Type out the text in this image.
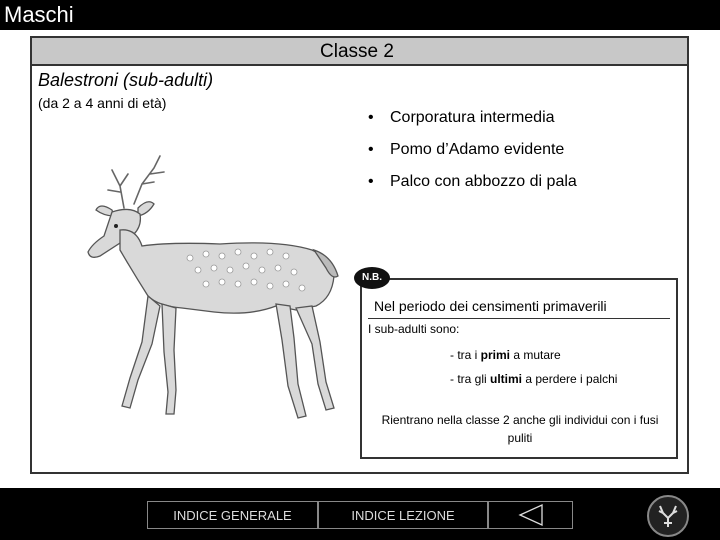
Maschi
Classe 2
Balestroni (sub-adulti)
(da 2 a 4 anni di età)
• Corporatura intermedia
• Pomo d’Adamo evidente
• Palco con abbozzo di pala
Nel periodo dei censimenti primaverili
I sub-adulti sono:
- tra i primi a mutare
- tra gli ultimi a perdere i palchi
Rientrano nella classe 2 anche gli individui con i fusi puliti
N.B.
INDICE GENERALE	INDICE LEZIONE
